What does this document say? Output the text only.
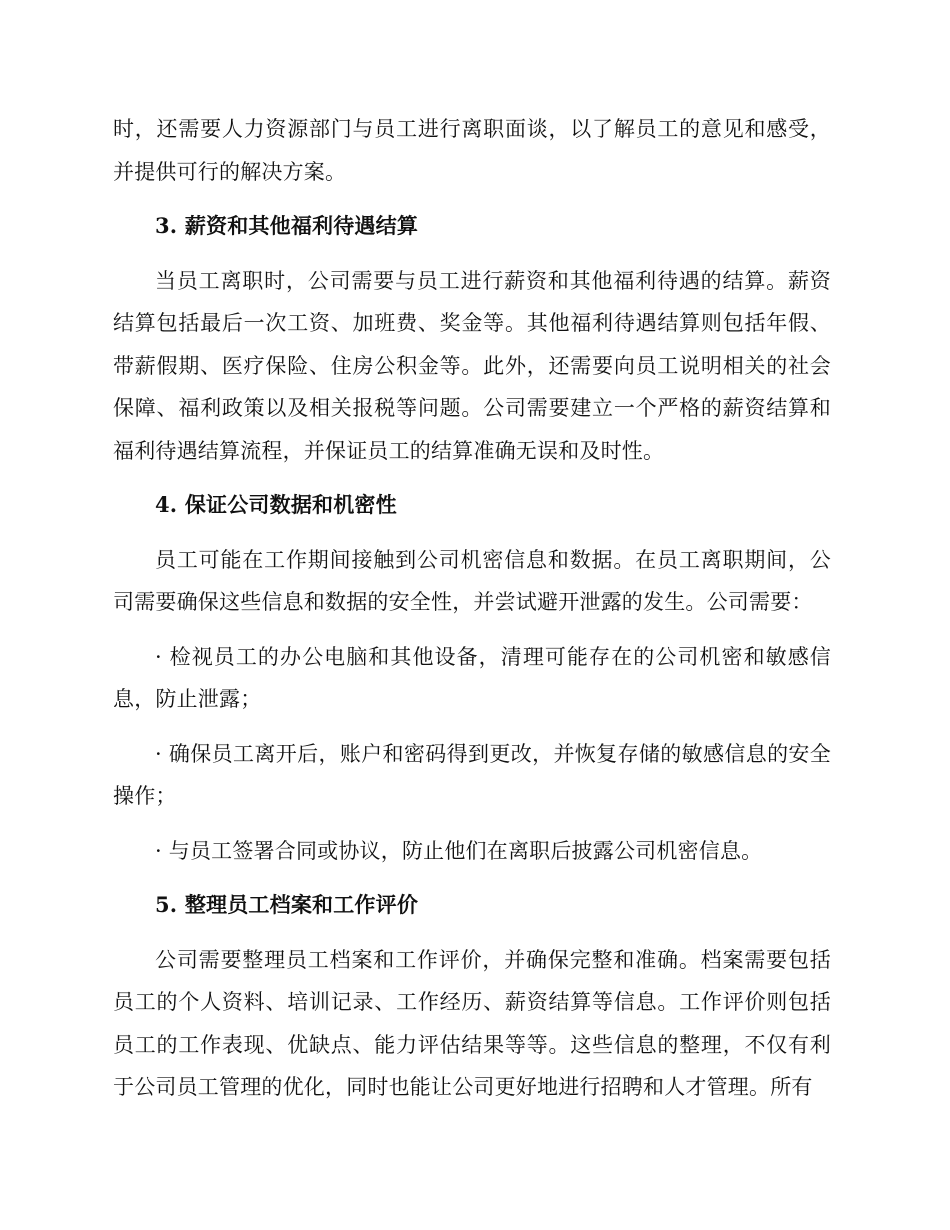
时，还需要人力资源部门与员工进行离职面谈，以了解员工的意见和感受，并提供可行的解决方案。

3. 薪资和其他福利待遇结算

当员工离职时，公司需要与员工进行薪资和其他福利待遇的结算。薪资结算包括最后一次工资、加班费、奖金等。其他福利待遇结算则包括年假、带薪假期、医疗保险、住房公积金等。此外，还需要向员工说明相关的社会保障、福利政策以及相关报税等问题。公司需要建立一个严格的薪资结算和福利待遇结算流程，并保证员工的结算准确无误和及时性。

4. 保证公司数据和机密性

员工可能在工作期间接触到公司机密信息和数据。在员工离职期间，公司需要确保这些信息和数据的安全性，并尝试避开泄露的发生。公司需要：

· 检视员工的办公电脑和其他设备，清理可能存在的公司机密和敏感信息，防止泄露；

· 确保员工离开后，账户和密码得到更改，并恢复存储的敏感信息的安全操作；

· 与员工签署合同或协议，防止他们在离职后披露公司机密信息。

5. 整理员工档案和工作评价

公司需要整理员工档案和工作评价，并确保完整和准确。档案需要包括员工的个人资料、培训记录、工作经历、薪资结算等信息。工作评价则包括员工的工作表现、优缺点、能力评估结果等等。这些信息的整理，不仅有利于公司员工管理的优化，同时也能让公司更好地进行招聘和人才管理。所有
